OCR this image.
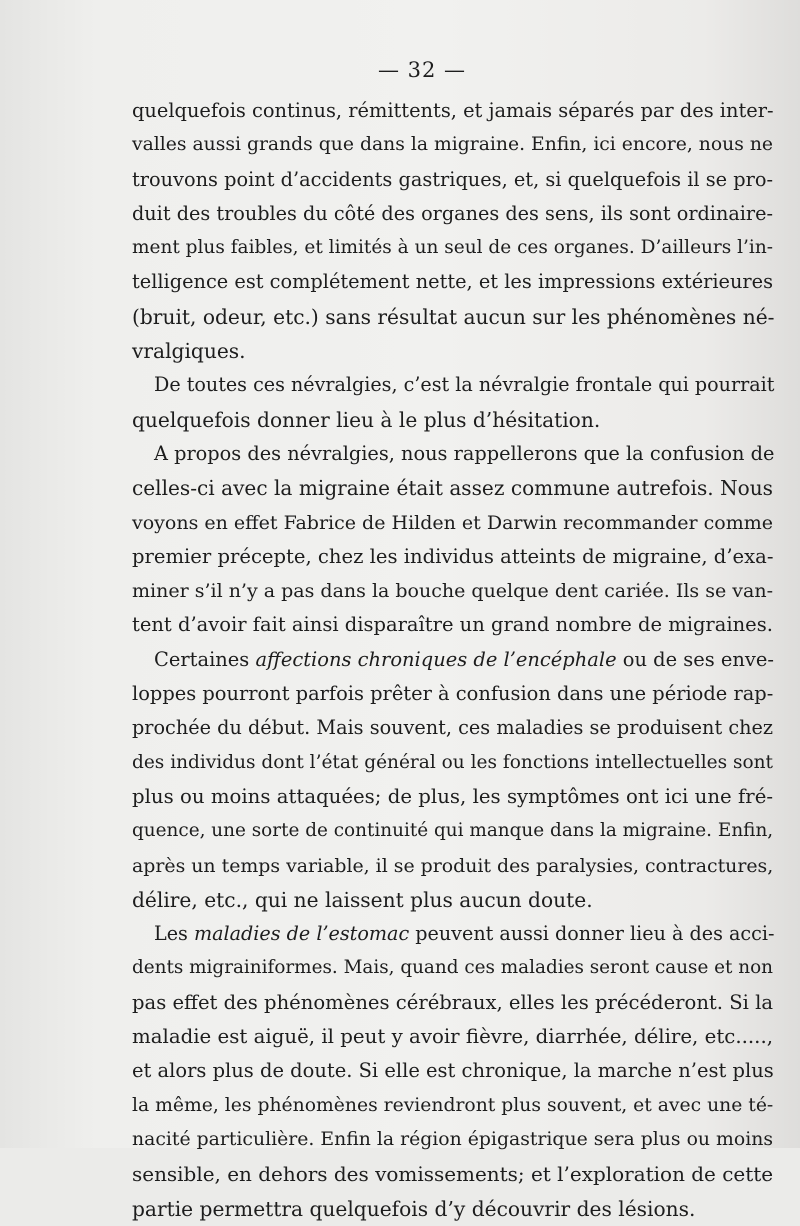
— 32 —
quelquefois continus, rémittents, et jamais séparés par des inter-
valles aussi grands que dans la migraine. Enfin, ici encore, nous ne
trouvons point d’accidents gastriques, et, si quelquefois il se pro-
duit des troubles du côté des organes des sens, ils sont ordinaire-
ment plus faibles, et limités à un seul de ces organes. D’ailleurs l’in-
telligence est complétement nette, et les impressions extérieures
(bruit, odeur, etc.) sans résultat aucun sur les phénomènes né-
vralgiques.
De toutes ces névralgies, c’est la névralgie frontale qui pourrait
quelquefois donner lieu à le plus d’hésitation.
A propos des névralgies, nous rappellerons que la confusion de
celles-ci avec la migraine était assez commune autrefois. Nous
voyons en effet Fabrice de Hilden et Darwin recommander comme
premier précepte, chez les individus atteints de migraine, d’exa-
miner s’il n’y a pas dans la bouche quelque dent cariée. Ils se van-
tent d’avoir fait ainsi disparaître un grand nombre de migraines.
Certaines affections chroniques de l’encéphale ou de ses enve-
loppes pourront parfois prêter à confusion dans une période rap-
prochée du début. Mais souvent, ces maladies se produisent chez
des individus dont l’état général ou les fonctions intellectuelles sont
plus ou moins attaquées; de plus, les symptômes ont ici une fré-
quence, une sorte de continuité qui manque dans la migraine. Enfin,
après un temps variable, il se produit des paralysies, contractures,
délire, etc., qui ne laissent plus aucun doute.
Les maladies de l’estomac peuvent aussi donner lieu à des acci-
dents migrainiformes. Mais, quand ces maladies seront cause et non
pas effet des phénomènes cérébraux, elles les précéderont. Si la
maladie est aiguë, il peut y avoir fièvre, diarrhée, délire, etc.....,
et alors plus de doute. Si elle est chronique, la marche n’est plus
la même, les phénomènes reviendront plus souvent, et avec une té-
nacité particulière. Enfin la région épigastrique sera plus ou moins
sensible, en dehors des vomissements; et l’exploration de cette
partie permettra quelquefois d’y découvrir des lésions.
